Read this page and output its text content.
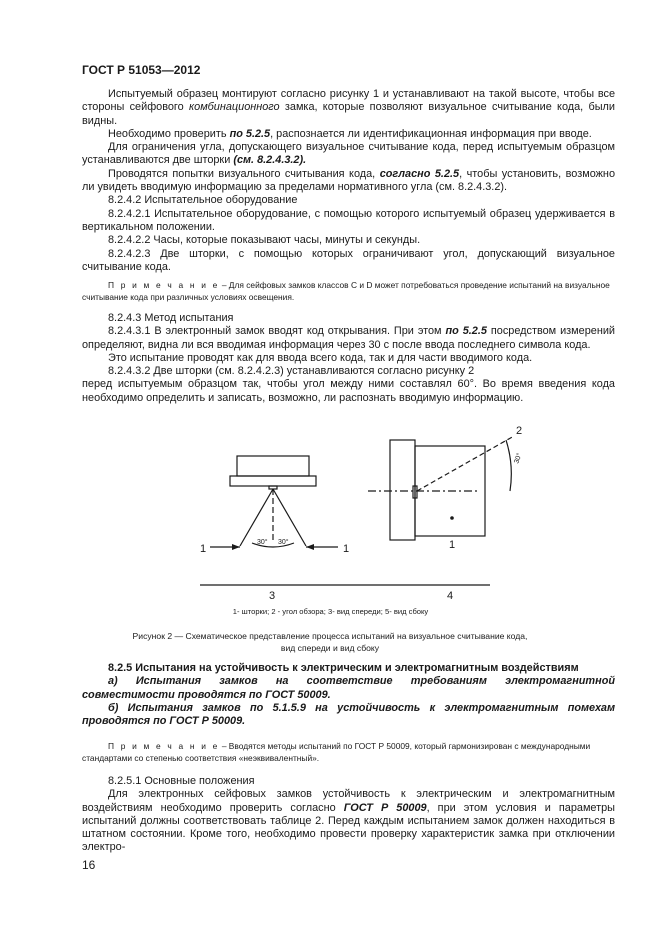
ГОСТ Р 51053—2012

Испытуемый образец монтируют согласно рисунку 1 и устанавливают на такой высоте, чтобы все стороны сейфового комбинационного замка, которые позволяют визуальное считывание кода, были видны.

Необходимо проверить по 5.2.5, распознается ли идентификационная информация при вводе.

Для ограничения угла, допускающего визуальное считывание кода, перед испытуемым образцом устанавливаются две шторки (см. 8.2.4.3.2).

Проводятся попытки визуального считывания кода, согласно 5.2.5, чтобы установить, возможно ли увидеть вводимую информацию за пределами нормативного угла (см. 8.2.4.3.2).

8.2.4.2 Испытательное оборудование

8.2.4.2.1 Испытательное оборудование, с помощью которого испытуемый образец удерживается в вертикальном положении.

8.2.4.2.2 Часы, которые показывают часы, минуты и секунды.

8.2.4.2.3 Две шторки, с помощью которых ограничивают угол, допускающий визуальное считывание кода.

П р и м е ч а н и е – Для сейфовых замков классов C и D может потребоваться проведение испытаний на визуальное считывание кода при различных условиях освещения.

8.2.4.3 Метод испытания

8.2.4.3.1 В электронный замок вводят код открывания. При этом по 5.2.5 посредством измерений определяют, видна ли вся вводимая информация через 30 с после ввода последнего символа кода.

Это испытание проводят как для ввода всего кода, так и для части вводимого кода.

8.2.4.3.2 Две шторки (см. 8.2.4.2.3) устанавливаются согласно рисунку 2

перед испытуемым образцом так, чтобы угол между ними составлял 60°. Во время введения кода необходимо определить и записать, возможно, ли распознать вводимую информацию.

1	1
2
3	4
1
30° 30°
30°
1- шторки; 2 - угол обзора; 3- вид спереди; 5- вид сбоку

Рисунок 2 — Схематическое представление процесса испытаний на визуальное считывание кода,

вид спереди и вид сбоку

8.2.5 Испытания на устойчивость к электрическим и электромагнитным воздействиям

а) Испытания замков на соответствие требованиям электромагнитной совместимости проводятся по ГОСТ 50009.

б) Испытания замков по 5.1.5.9 на устойчивость к электромагнитным помехам проводятся по ГОСТ Р 50009.

П р и м е ч а н и е – Вводятся методы испытаний по ГОСТ Р 50009, который гармонизирован с международными стандартами со степенью соответствия «неэквивалентный».

8.2.5.1 Основные положения

Для электронных сейфовых замков устойчивость к электрическим и электромагнитным воздействиям необходимо проверить согласно ГОСТ Р 50009, при этом условия и параметры испытаний должны соответствовать таблице 2. Перед каждым испытанием замок должен находиться в штатном состоянии. Кроме того, необходимо провести проверку характеристик замка при отключении электро-

16
